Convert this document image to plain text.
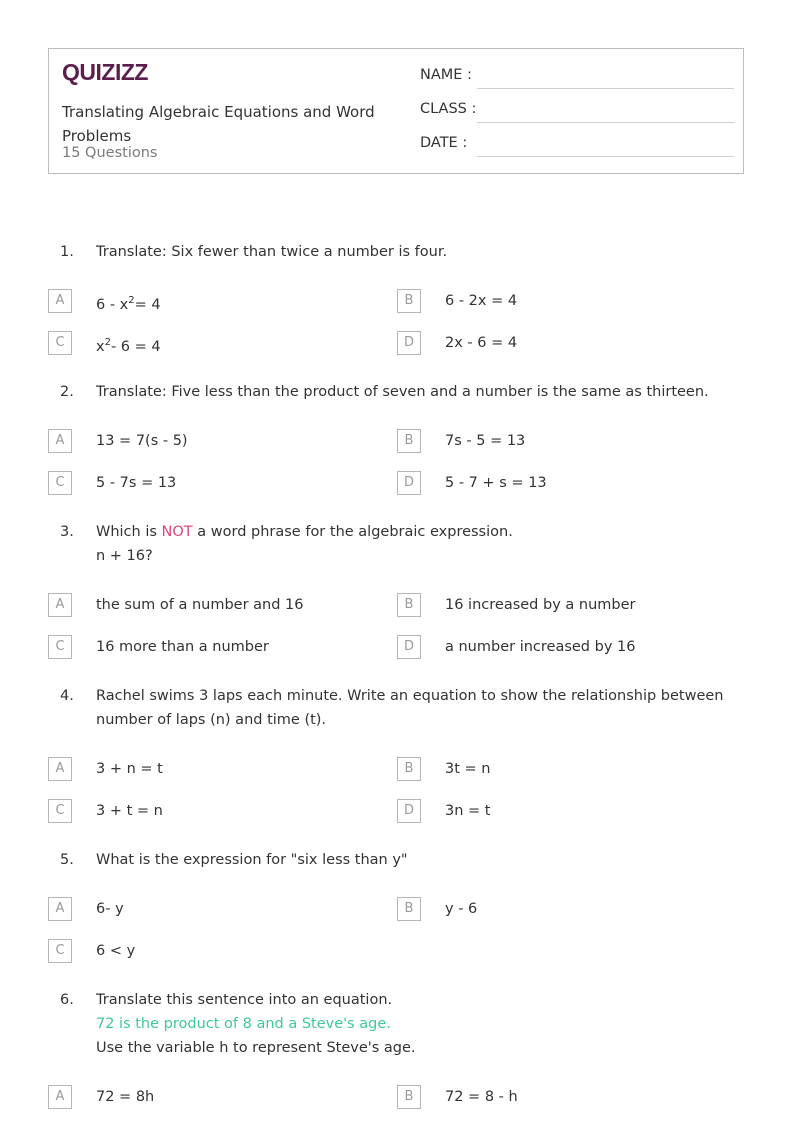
QUIZIZZ
Translating Algebraic Equations and Word Problems
15 Questions
NAME :
CLASS :
DATE :
1. Translate: Six fewer than twice a number is four.
A	$6 - x^2= 4$	B	6 - 2x = 4
C	$x^2-$ 6 = 4	D	2x - 6 = 4
2. Translate: Five less than the product of seven and a number is the same as thirteen.
A	13 = 7(s - 5)	B	7s - 5 = 13
C	5 - 7s = 13	D	5 - 7 + s = 13
3. Which is NOT a word phrase for the algebraic expression.
n + 16?
A	the sum of a number and 16	B	16 increased by a number
C	16 more than a number	D	a number increased by 16
4. Rachel swims 3 laps each minute. Write an equation to show the relationship between
number of laps (n) and time (t).
A	3 + n = t	B	3t = n
C	3 + t = n	D	3n = t
5. What is the expression for "six less than y"
A	6- y	B	y - 6
C	6 < y
6. Translate this sentence into an equation.
72 is the product of 8 and a Steve's age.
Use the variable h to represent Steve's age.
A	72 = 8h	B	72 = 8 - h
